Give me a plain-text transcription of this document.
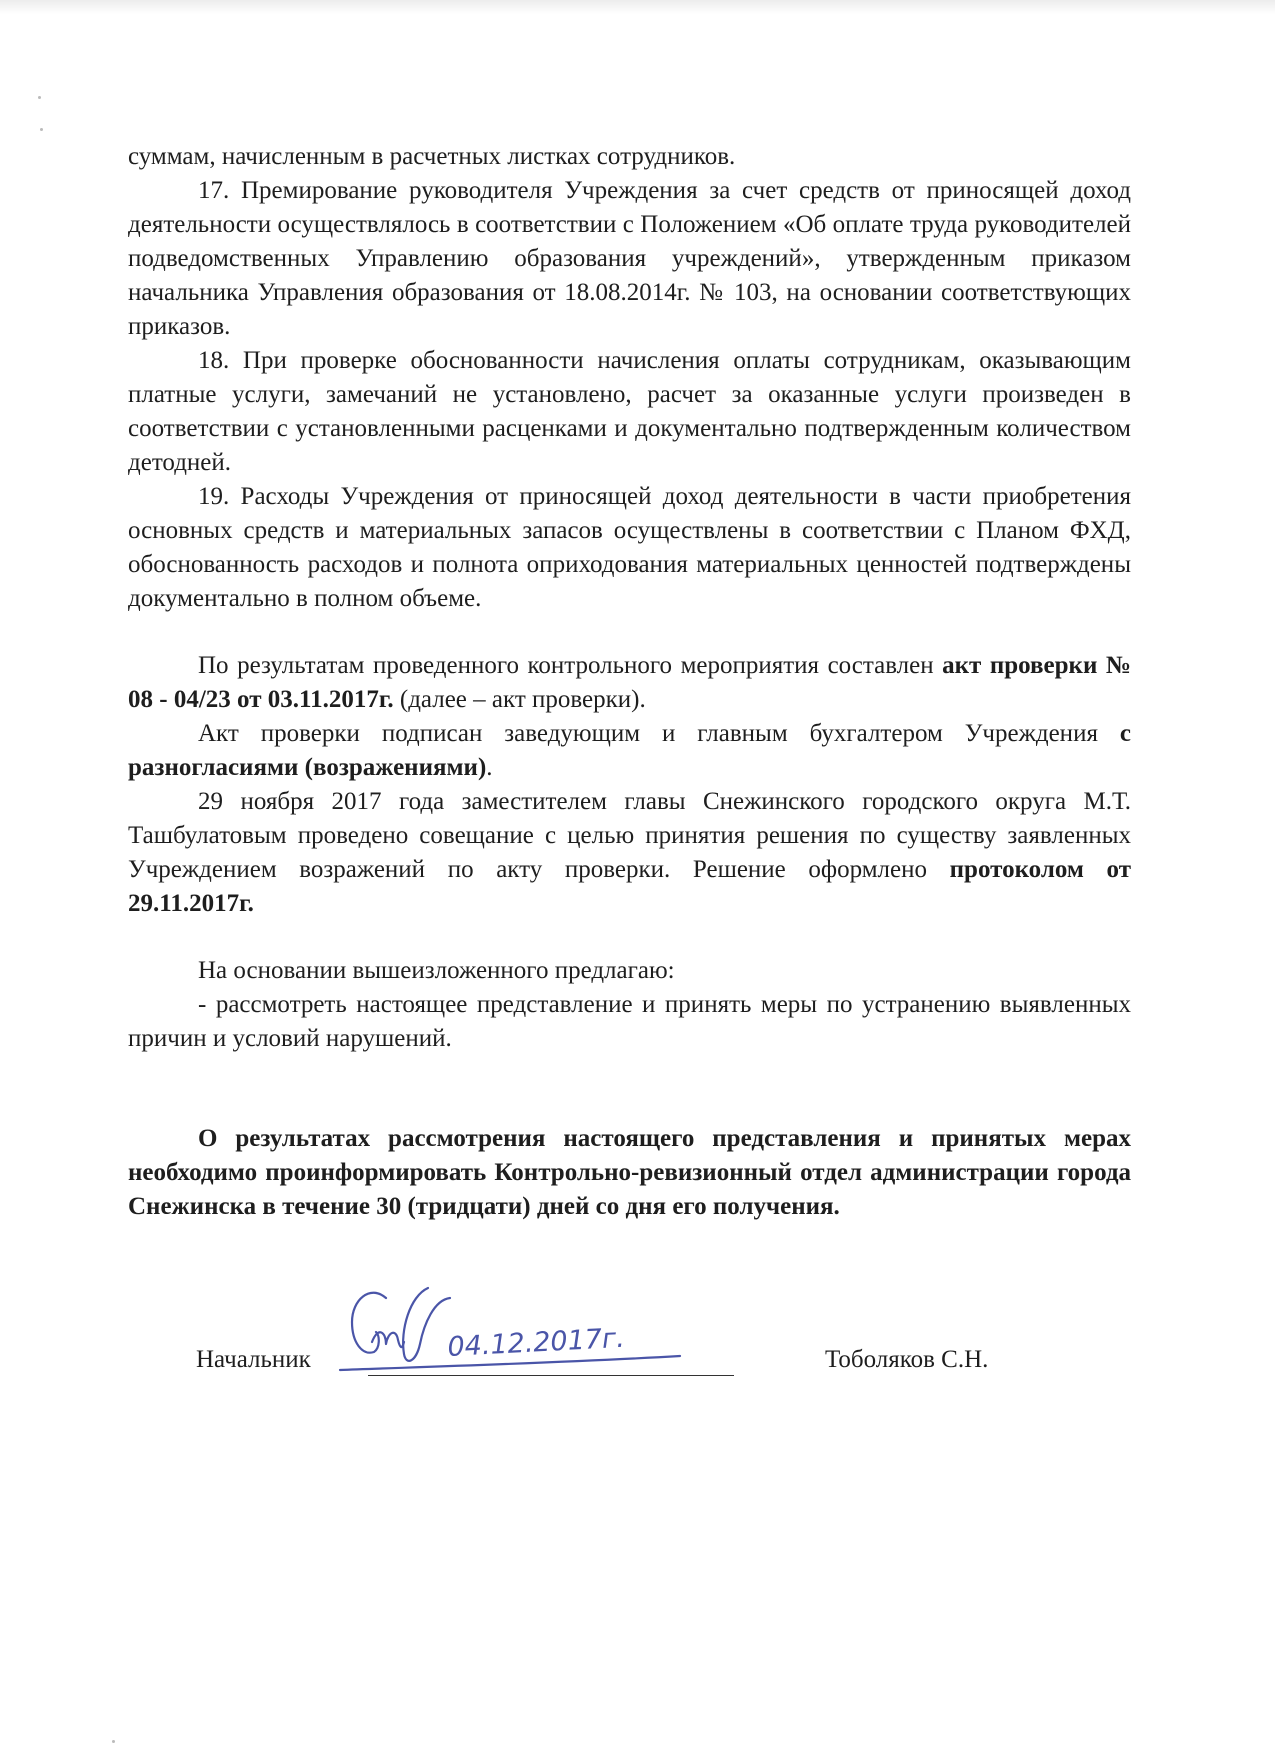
суммам, начисленным в расчетных листках сотрудников.

17. Премирование руководителя Учреждения за счет средств от приносящей доход деятельности осуществлялось в соответствии с Положением «Об оплате труда руководителей подведомственных Управлению образования учреждений», утвержденным приказом начальника Управления образования от 18.08.2014г. № 103, на основании соответствующих приказов.

18. При проверке обоснованности начисления оплаты сотрудникам, оказывающим платные услуги, замечаний не установлено, расчет за оказанные услуги произведен в соответствии с установленными расценками и документально подтвержденным количеством детодней.

19. Расходы Учреждения от приносящей доход деятельности в части приобретения основных средств и материальных запасов осуществлены в соответствии с Планом ФХД, обоснованность расходов и полнота оприходования материальных ценностей подтверждены документально в полном объеме.

По результатам проведенного контрольного мероприятия составлен акт проверки № 08 - 04/23 от 03.11.2017г. (далее – акт проверки).

Акт проверки подписан заведующим и главным бухгалтером Учреждения с разногласиями (возражениями).

29 ноября 2017 года заместителем главы Снежинского городского округа М.Т. Ташбулатовым проведено совещание с целью принятия решения по существу заявленных Учреждением возражений по акту проверки. Решение оформлено протоколом от 29.11.2017г.

На основании вышеизложенного предлагаю:

- рассмотреть настоящее представление и принять меры по устранению выявленных причин и условий нарушений.

О результатах рассмотрения настоящего представления и принятых мерах необходимо проинформировать Контрольно-ревизионный отдел администрации города Снежинска в течение 30 (тридцати) дней со дня его получения.

04.12.2017г.
Начальник	Тоболяков С.Н.
